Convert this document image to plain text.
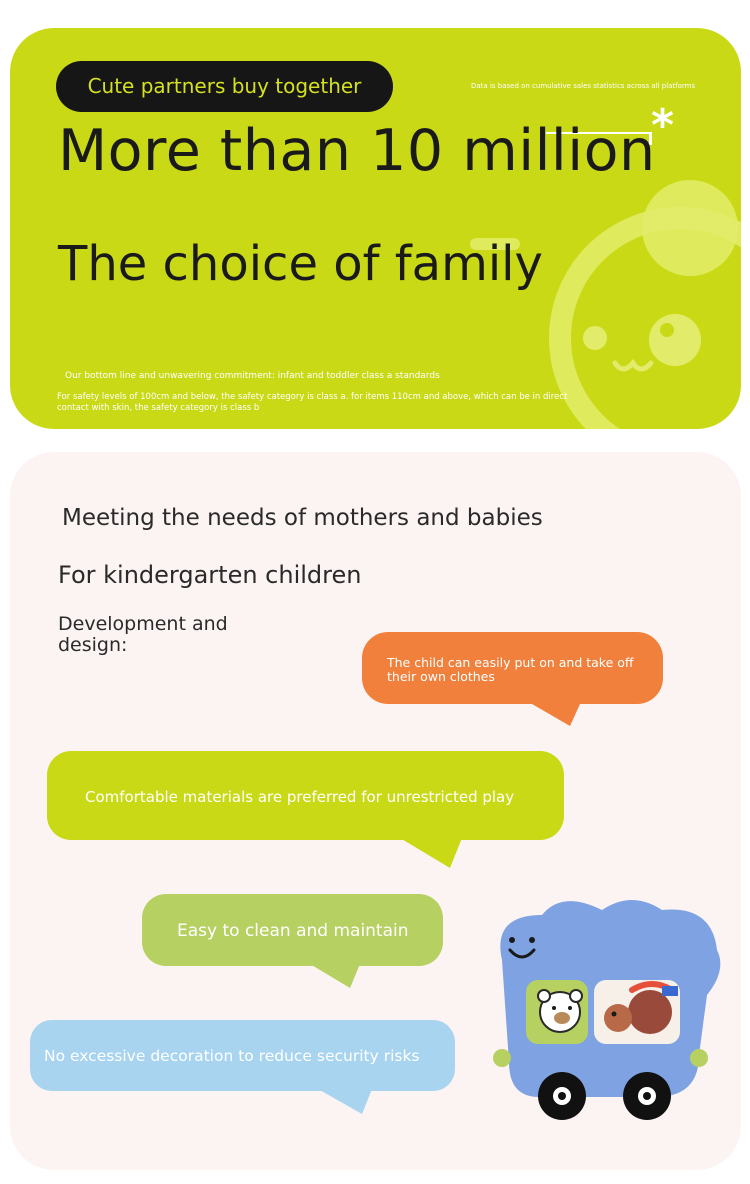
Cute partners buy together	Data is based on cumulative sales statistics across all platforms
*
Our bottom line and unwavering commitment: infant and toddler class a standards
For safety levels of 100cm and below, the safety category is class a. for items 110cm and above, which can be in direct contact with skin, the safety category is class b
More than 10 million
The choice of family
Meeting the needs of mothers and babies
For kindergarten children
Development and design:
The child can easily put on and take off their own clothes
Comfortable materials are preferred for unrestricted play
Easy to clean and maintain
No excessive decoration to reduce security risks
